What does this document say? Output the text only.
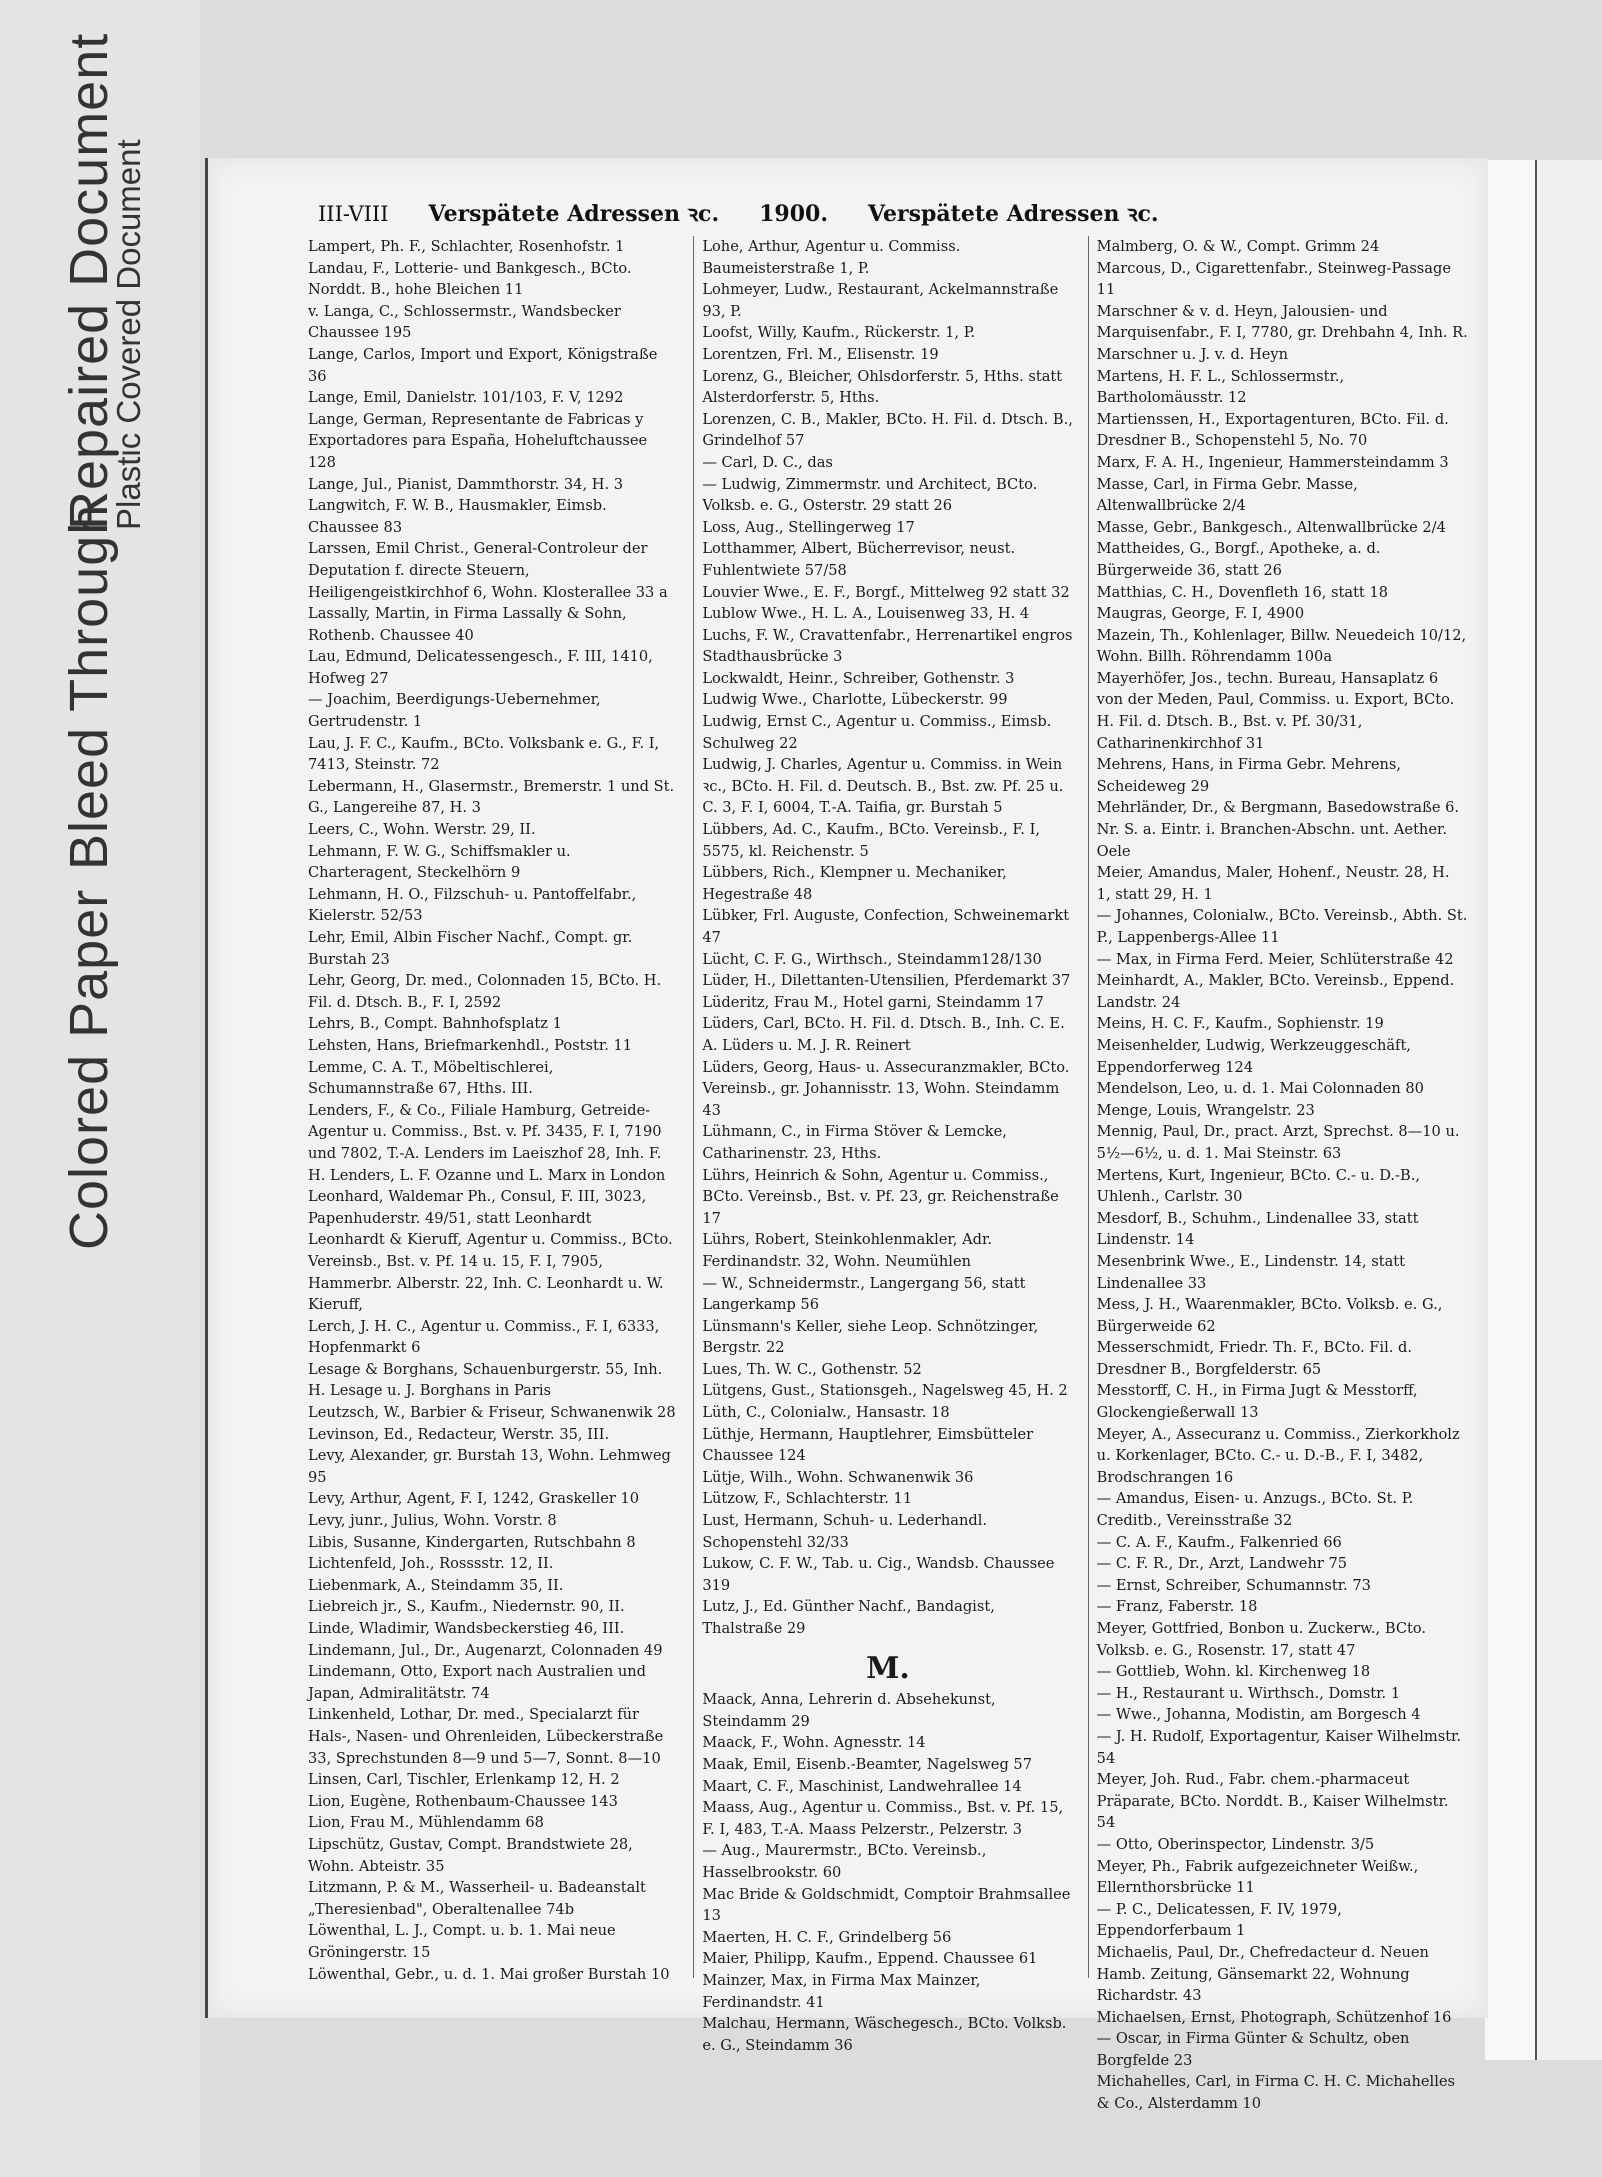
Colored Paper
Bleed Through
Repaired Document
Plastic Covered Document	III-VIII Verspätete Adressen ꝛc. 1900. Verspätete Adressen ꝛc.

Lampert, Ph. F., Schlachter, Rosenhofstr. 1

Landau, F., Lotterie- und Bankgesch., BCto. Norddt. B., hohe Bleichen 11

v. Langa, C., Schlossermstr., Wandsbecker Chaussee 195

Lange, Carlos, Import und Export, Königstraße 36

Lange, Emil, Danielstr. 101/103, F. V, 1292

Lange, German, Representante de Fabricas y Exportadores para España, Hoheluftchaussee 128

Lange, Jul., Pianist, Dammthorstr. 34, H. 3

Langwitch, F. W. B., Hausmakler, Eimsb. Chaussee 83

Larssen, Emil Christ., General-Controleur der Deputation f. directe Steuern, Heiligengeistkirchhof 6, Wohn. Klosterallee 33 a

Lassally, Martin, in Firma Lassally & Sohn, Rothenb. Chaussee 40

Lau, Edmund, Delicatessengesch., F. III, 1410, Hofweg 27

— Joachim, Beerdigungs-Uebernehmer, Gertrudenstr. 1

Lau, J. F. C., Kaufm., BCto. Volksbank e. G., F. I, 7413, Steinstr. 72

Lebermann, H., Glasermstr., Bremerstr. 1 und St. G., Langereihe 87, H. 3

Leers, C., Wohn. Werstr. 29, II.

Lehmann, F. W. G., Schiffsmakler u. Charteragent, Steckelhörn 9

Lehmann, H. O., Filzschuh- u. Pantoffelfabr., Kielerstr. 52/53

Lehr, Emil, Albin Fischer Nachf., Compt. gr. Burstah 23

Lehr, Georg, Dr. med., Colonnaden 15, BCto. H. Fil. d. Dtsch. B., F. I, 2592

Lehrs, B., Compt. Bahnhofsplatz 1

Lehsten, Hans, Briefmarkenhdl., Poststr. 11

Lemme, C. A. T., Möbeltischlerei, Schumannstraße 67, Hths. III.

Lenders, F., & Co., Filiale Hamburg, Getreide-Agentur u. Commiss., Bst. v. Pf. 3435, F. I, 7190 und 7802, T.-A. Lenders im Laeiszhof 28, Inh. F. H. Lenders, L. F. Ozanne und L. Marx in London

Leonhard, Waldemar Ph., Consul, F. III, 3023, Papenhuderstr. 49/51, statt Leonhardt

Leonhardt & Kieruff, Agentur u. Commiss., BCto. Vereinsb., Bst. v. Pf. 14 u. 15, F. I, 7905, Hammerbr. Alberstr. 22, Inh. C. Leonhardt u. W. Kieruff,

Lerch, J. H. C., Agentur u. Commiss., F. I, 6333, Hopfenmarkt 6

Lesage & Borghans, Schauenburgerstr. 55, Inh. H. Lesage u. J. Borghans in Paris

Leutzsch, W., Barbier & Friseur, Schwanenwik 28

Levinson, Ed., Redacteur, Werstr. 35, III.

Levy, Alexander, gr. Burstah 13, Wohn. Lehmweg 95

Levy, Arthur, Agent, F. I, 1242, Graskeller 10

Levy, junr., Julius, Wohn. Vorstr. 8

Libis, Susanne, Kindergarten, Rutschbahn 8

Lichtenfeld, Joh., Rosssstr. 12, II.

Liebenmark, A., Steindamm 35, II.

Liebreich jr., S., Kaufm., Niedernstr. 90, II.

Linde, Wladimir, Wandsbeckerstieg 46, III.

Lindemann, Jul., Dr., Augenarzt, Colonnaden 49

Lindemann, Otto, Export nach Australien und Japan, Admiralitätstr. 74

Linkenheld, Lothar, Dr. med., Specialarzt für Hals-, Nasen- und Ohrenleiden, Lübeckerstraße 33, Sprechstunden 8—9 und 5—7, Sonnt. 8—10

Linsen, Carl, Tischler, Erlenkamp 12, H. 2

Lion, Eugène, Rothenbaum-Chaussee 143

Lion, Frau M., Mühlendamm 68

Lipschütz, Gustav, Compt. Brandstwiete 28, Wohn. Abteistr. 35

Litzmann, P. & M., Wasserheil- u. Badeanstalt „Theresienbad", Oberaltenallee 74b

Löwenthal, L. J., Compt. u. b. 1. Mai neue Gröningerstr. 15

Löwenthal, Gebr., u. d. 1. Mai großer Burstah 10

Lohe, Arthur, Agentur u. Commiss. Baumeisterstraße 1, P.

Lohmeyer, Ludw., Restaurant, Ackelmannstraße 93, P.

Loofst, Willy, Kaufm., Rückerstr. 1, P.

Lorentzen, Frl. M., Elisenstr. 19

Lorenz, G., Bleicher, Ohlsdorferstr. 5, Hths. statt Alsterdorferstr. 5, Hths.

Lorenzen, C. B., Makler, BCto. H. Fil. d. Dtsch. B., Grindelhof 57

— Carl, D. C., das

— Ludwig, Zimmermstr. und Architect, BCto. Volksb. e. G., Osterstr. 29 statt 26

Loss, Aug., Stellingerweg 17

Lotthammer, Albert, Bücherrevisor, neust. Fuhlentwiete 57/58

Louvier Wwe., E. F., Borgf., Mittelweg 92 statt 32

Lublow Wwe., H. L. A., Louisenweg 33, H. 4

Luchs, F. W., Cravattenfabr., Herrenartikel engros Stadthausbrücke 3

Lockwaldt, Heinr., Schreiber, Gothenstr. 3

Ludwig Wwe., Charlotte, Lübeckerstr. 99

Ludwig, Ernst C., Agentur u. Commiss., Eimsb. Schulweg 22

Ludwig, J. Charles, Agentur u. Commiss. in Wein ꝛc., BCto. H. Fil. d. Deutsch. B., Bst. zw. Pf. 25 u. C. 3, F. I, 6004, T.-A. Taifia, gr. Burstah 5

Lübbers, Ad. C., Kaufm., BCto. Vereinsb., F. I, 5575, kl. Reichenstr. 5

Lübbers, Rich., Klempner u. Mechaniker, Hegestraße 48

Lübker, Frl. Auguste, Confection, Schweinemarkt 47

Lücht, C. F. G., Wirthsch., Steindamm128/130

Lüder, H., Dilettanten-Utensilien, Pferdemarkt 37

Lüderitz, Frau M., Hotel garni, Steindamm 17

Lüders, Carl, BCto. H. Fil. d. Dtsch. B., Inh. C. E. A. Lüders u. M. J. R. Reinert

Lüders, Georg, Haus- u. Assecuranzmakler, BCto. Vereinsb., gr. Johannisstr. 13, Wohn. Steindamm 43

Lühmann, C., in Firma Stöver & Lemcke, Catharinenstr. 23, Hths.

Lührs, Heinrich & Sohn, Agentur u. Commiss., BCto. Vereinsb., Bst. v. Pf. 23, gr. Reichenstraße 17

Lührs, Robert, Steinkohlenmakler, Adr. Ferdinandstr. 32, Wohn. Neumühlen

— W., Schneidermstr., Langergang 56, statt Langerkamp 56

Lünsmann's Keller, siehe Leop. Schnötzinger, Bergstr. 22

Lues, Th. W. C., Gothenstr. 52

Lütgens, Gust., Stationsgeh., Nagelsweg 45, H. 2

Lüth, C., Colonialw., Hansastr. 18

Lüthje, Hermann, Hauptlehrer, Eimsbütteler Chaussee 124

Lütje, Wilh., Wohn. Schwanenwik 36

Lützow, F., Schlachterstr. 11

Lust, Hermann, Schuh- u. Lederhandl. Schopenstehl 32/33

Lukow, C. F. W., Tab. u. Cig., Wandsb. Chaussee 319

Lutz, J., Ed. Günther Nachf., Bandagist, Thalstraße 29

M.

Maack, Anna, Lehrerin d. Absehekunst, Steindamm 29

Maack, F., Wohn. Agnesstr. 14

Maak, Emil, Eisenb.-Beamter, Nagelsweg 57

Maart, C. F., Maschinist, Landwehrallee 14

Maass, Aug., Agentur u. Commiss., Bst. v. Pf. 15, F. I, 483, T.-A. Maass Pelzerstr., Pelzerstr. 3

— Aug., Maurermstr., BCto. Vereinsb., Hasselbrookstr. 60

Mac Bride & Goldschmidt, Comptoir Brahmsallee 13

Maerten, H. C. F., Grindelberg 56

Maier, Philipp, Kaufm., Eppend. Chaussee 61

Mainzer, Max, in Firma Max Mainzer, Ferdinandstr. 41

Malchau, Hermann, Wäschegesch., BCto. Volksb. e. G., Steindamm 36

Malmberg, O. & W., Compt. Grimm 24

Marcous, D., Cigarettenfabr., Steinweg-Passage 11

Marschner & v. d. Heyn, Jalousien- und Marquisenfabr., F. I, 7780, gr. Drehbahn 4, Inh. R. Marschner u. J. v. d. Heyn

Martens, H. F. L., Schlossermstr., Bartholomäusstr. 12

Martienssen, H., Exportagenturen, BCto. Fil. d. Dresdner B., Schopenstehl 5, No. 70

Marx, F. A. H., Ingenieur, Hammersteindamm 3

Masse, Carl, in Firma Gebr. Masse, Altenwallbrücke 2/4

Masse, Gebr., Bankgesch., Altenwallbrücke 2/4

Mattheides, G., Borgf., Apotheke, a. d. Bürgerweide 36, statt 26

Matthias, C. H., Dovenfleth 16, statt 18

Maugras, George, F. I, 4900

Mazein, Th., Kohlenlager, Billw. Neuedeich 10/12, Wohn. Billh. Röhrendamm 100a

Mayerhöfer, Jos., techn. Bureau, Hansaplatz 6

von der Meden, Paul, Commiss. u. Export, BCto. H. Fil. d. Dtsch. B., Bst. v. Pf. 30/31, Catharinenkirchhof 31

Mehrens, Hans, in Firma Gebr. Mehrens, Scheideweg 29

Mehrländer, Dr., & Bergmann, Basedowstraße 6. Nr. S. a. Eintr. i. Branchen-Abschn. unt. Aether. Oele

Meier, Amandus, Maler, Hohenf., Neustr. 28, H. 1, statt 29, H. 1

— Johannes, Colonialw., BCto. Vereinsb., Abth. St. P., Lappenbergs-Allee 11

— Max, in Firma Ferd. Meier, Schlüterstraße 42

Meinhardt, A., Makler, BCto. Vereinsb., Eppend. Landstr. 24

Meins, H. C. F., Kaufm., Sophienstr. 19

Meisenhelder, Ludwig, Werkzeuggeschäft, Eppendorferweg 124

Mendelson, Leo, u. d. 1. Mai Colonnaden 80

Menge, Louis, Wrangelstr. 23

Mennig, Paul, Dr., pract. Arzt, Sprechst. 8—10 u. 5½—6½, u. d. 1. Mai Steinstr. 63

Mertens, Kurt, Ingenieur, BCto. C.- u. D.-B., Uhlenh., Carlstr. 30

Mesdorf, B., Schuhm., Lindenallee 33, statt Lindenstr. 14

Mesenbrink Wwe., E., Lindenstr. 14, statt Lindenallee 33

Mess, J. H., Waarenmakler, BCto. Volksb. e. G., Bürgerweide 62

Messerschmidt, Friedr. Th. F., BCto. Fil. d. Dresdner B., Borgfelderstr. 65

Messtorff, C. H., in Firma Jugt & Messtorff, Glockengießerwall 13

Meyer, A., Assecuranz u. Commiss., Zierkorkholz u. Korkenlager, BCto. C.- u. D.-B., F. I, 3482, Brodschrangen 16

— Amandus, Eisen- u. Anzugs., BCto. St. P. Creditb., Vereinsstraße 32

— C. A. F., Kaufm., Falkenried 66

— C. F. R., Dr., Arzt, Landwehr 75

— Ernst, Schreiber, Schumannstr. 73

— Franz, Faberstr. 18

Meyer, Gottfried, Bonbon u. Zuckerw., BCto. Volksb. e. G., Rosenstr. 17, statt 47

— Gottlieb, Wohn. kl. Kirchenweg 18

— H., Restaurant u. Wirthsch., Domstr. 1

— Wwe., Johanna, Modistin, am Borgesch 4

— J. H. Rudolf, Exportagentur, Kaiser Wilhelmstr. 54

Meyer, Joh. Rud., Fabr. chem.-pharmaceut Präparate, BCto. Norddt. B., Kaiser Wilhelmstr. 54

— Otto, Oberinspector, Lindenstr. 3/5

Meyer, Ph., Fabrik aufgezeichneter Weißw., Ellernthorsbrücke 11

— P. C., Delicatessen, F. IV, 1979, Eppendorferbaum 1

Michaelis, Paul, Dr., Chefredacteur d. Neuen Hamb. Zeitung, Gänsemarkt 22, Wohnung Richardstr. 43

Michaelsen, Ernst, Photograph, Schützenhof 16

— Oscar, in Firma Günter & Schultz, oben Borgfelde 23

Michahelles, Carl, in Firma C. H. C. Michahelles & Co., Alsterdamm 10
